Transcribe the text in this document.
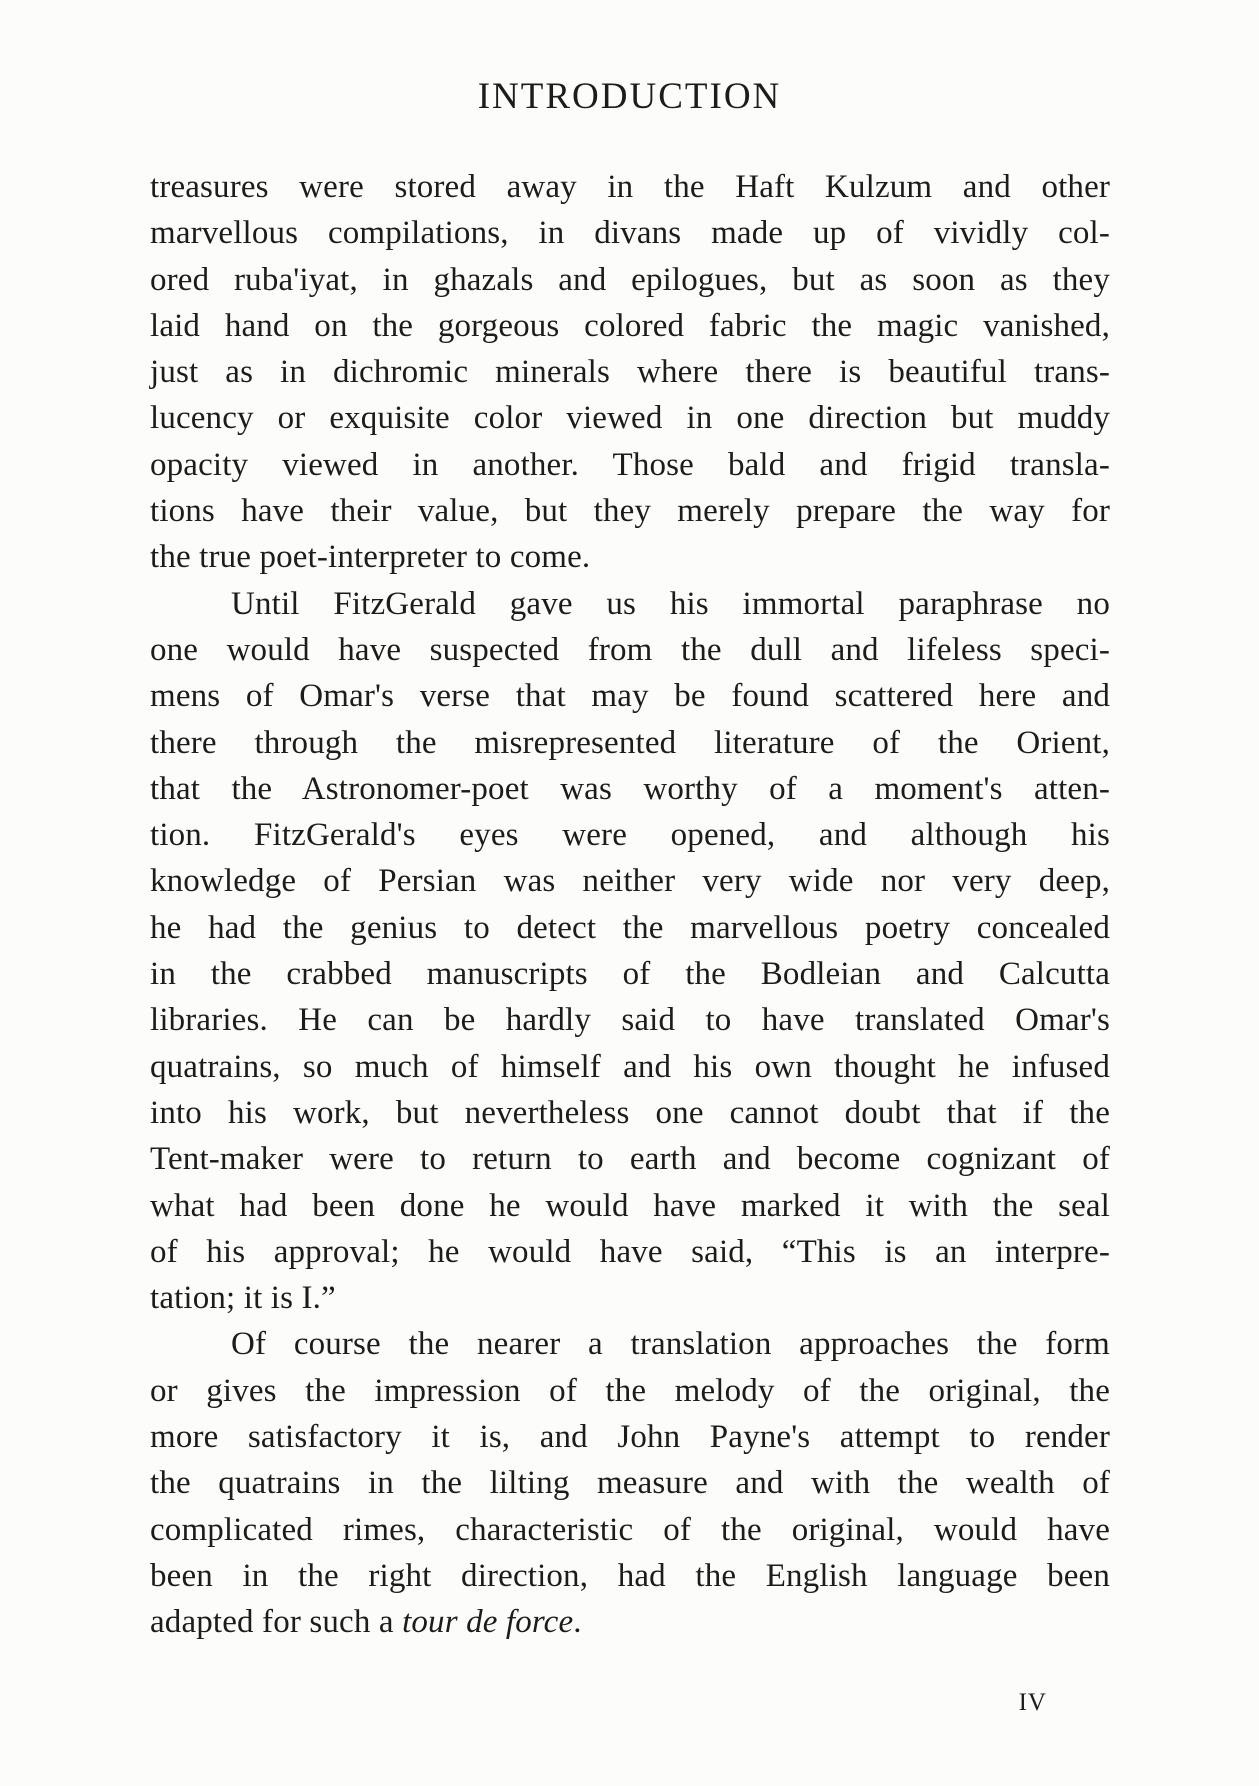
INTRODUCTION
treasures were stored away in the Haft Kulzum and other
marvellous compilations, in divans made up of vividly col-
ored ruba'iyat, in ghazals and epilogues, but as soon as they
laid hand on the gorgeous colored fabric the magic vanished,
just as in dichromic minerals where there is beautiful trans-
lucency or exquisite color viewed in one direction but muddy
opacity viewed in another. Those bald and frigid transla-
tions have their value, but they merely prepare the way for
the true poet-interpreter to come.
Until FitzGerald gave us his immortal paraphrase no
one would have suspected from the dull and lifeless speci-
mens of Omar's verse that may be found scattered here and
there through the misrepresented literature of the Orient,
that the Astronomer-poet was worthy of a moment's atten-
tion. FitzGerald's eyes were opened, and although his
knowledge of Persian was neither very wide nor very deep,
he had the genius to detect the marvellous poetry concealed
in the crabbed manuscripts of the Bodleian and Calcutta
libraries. He can be hardly said to have translated Omar's
quatrains, so much of himself and his own thought he infused
into his work, but nevertheless one cannot doubt that if the
Tent-maker were to return to earth and become cognizant of
what had been done he would have marked it with the seal
of his approval; he would have said, “This is an interpre-
tation; it is I.”
Of course the nearer a translation approaches the form
or gives the impression of the melody of the original, the
more satisfactory it is, and John Payne's attempt to render
the quatrains in the lilting measure and with the wealth of
complicated rimes, characteristic of the original, would have
been in the right direction, had the English language been
adapted for such a tour de force.
IV
